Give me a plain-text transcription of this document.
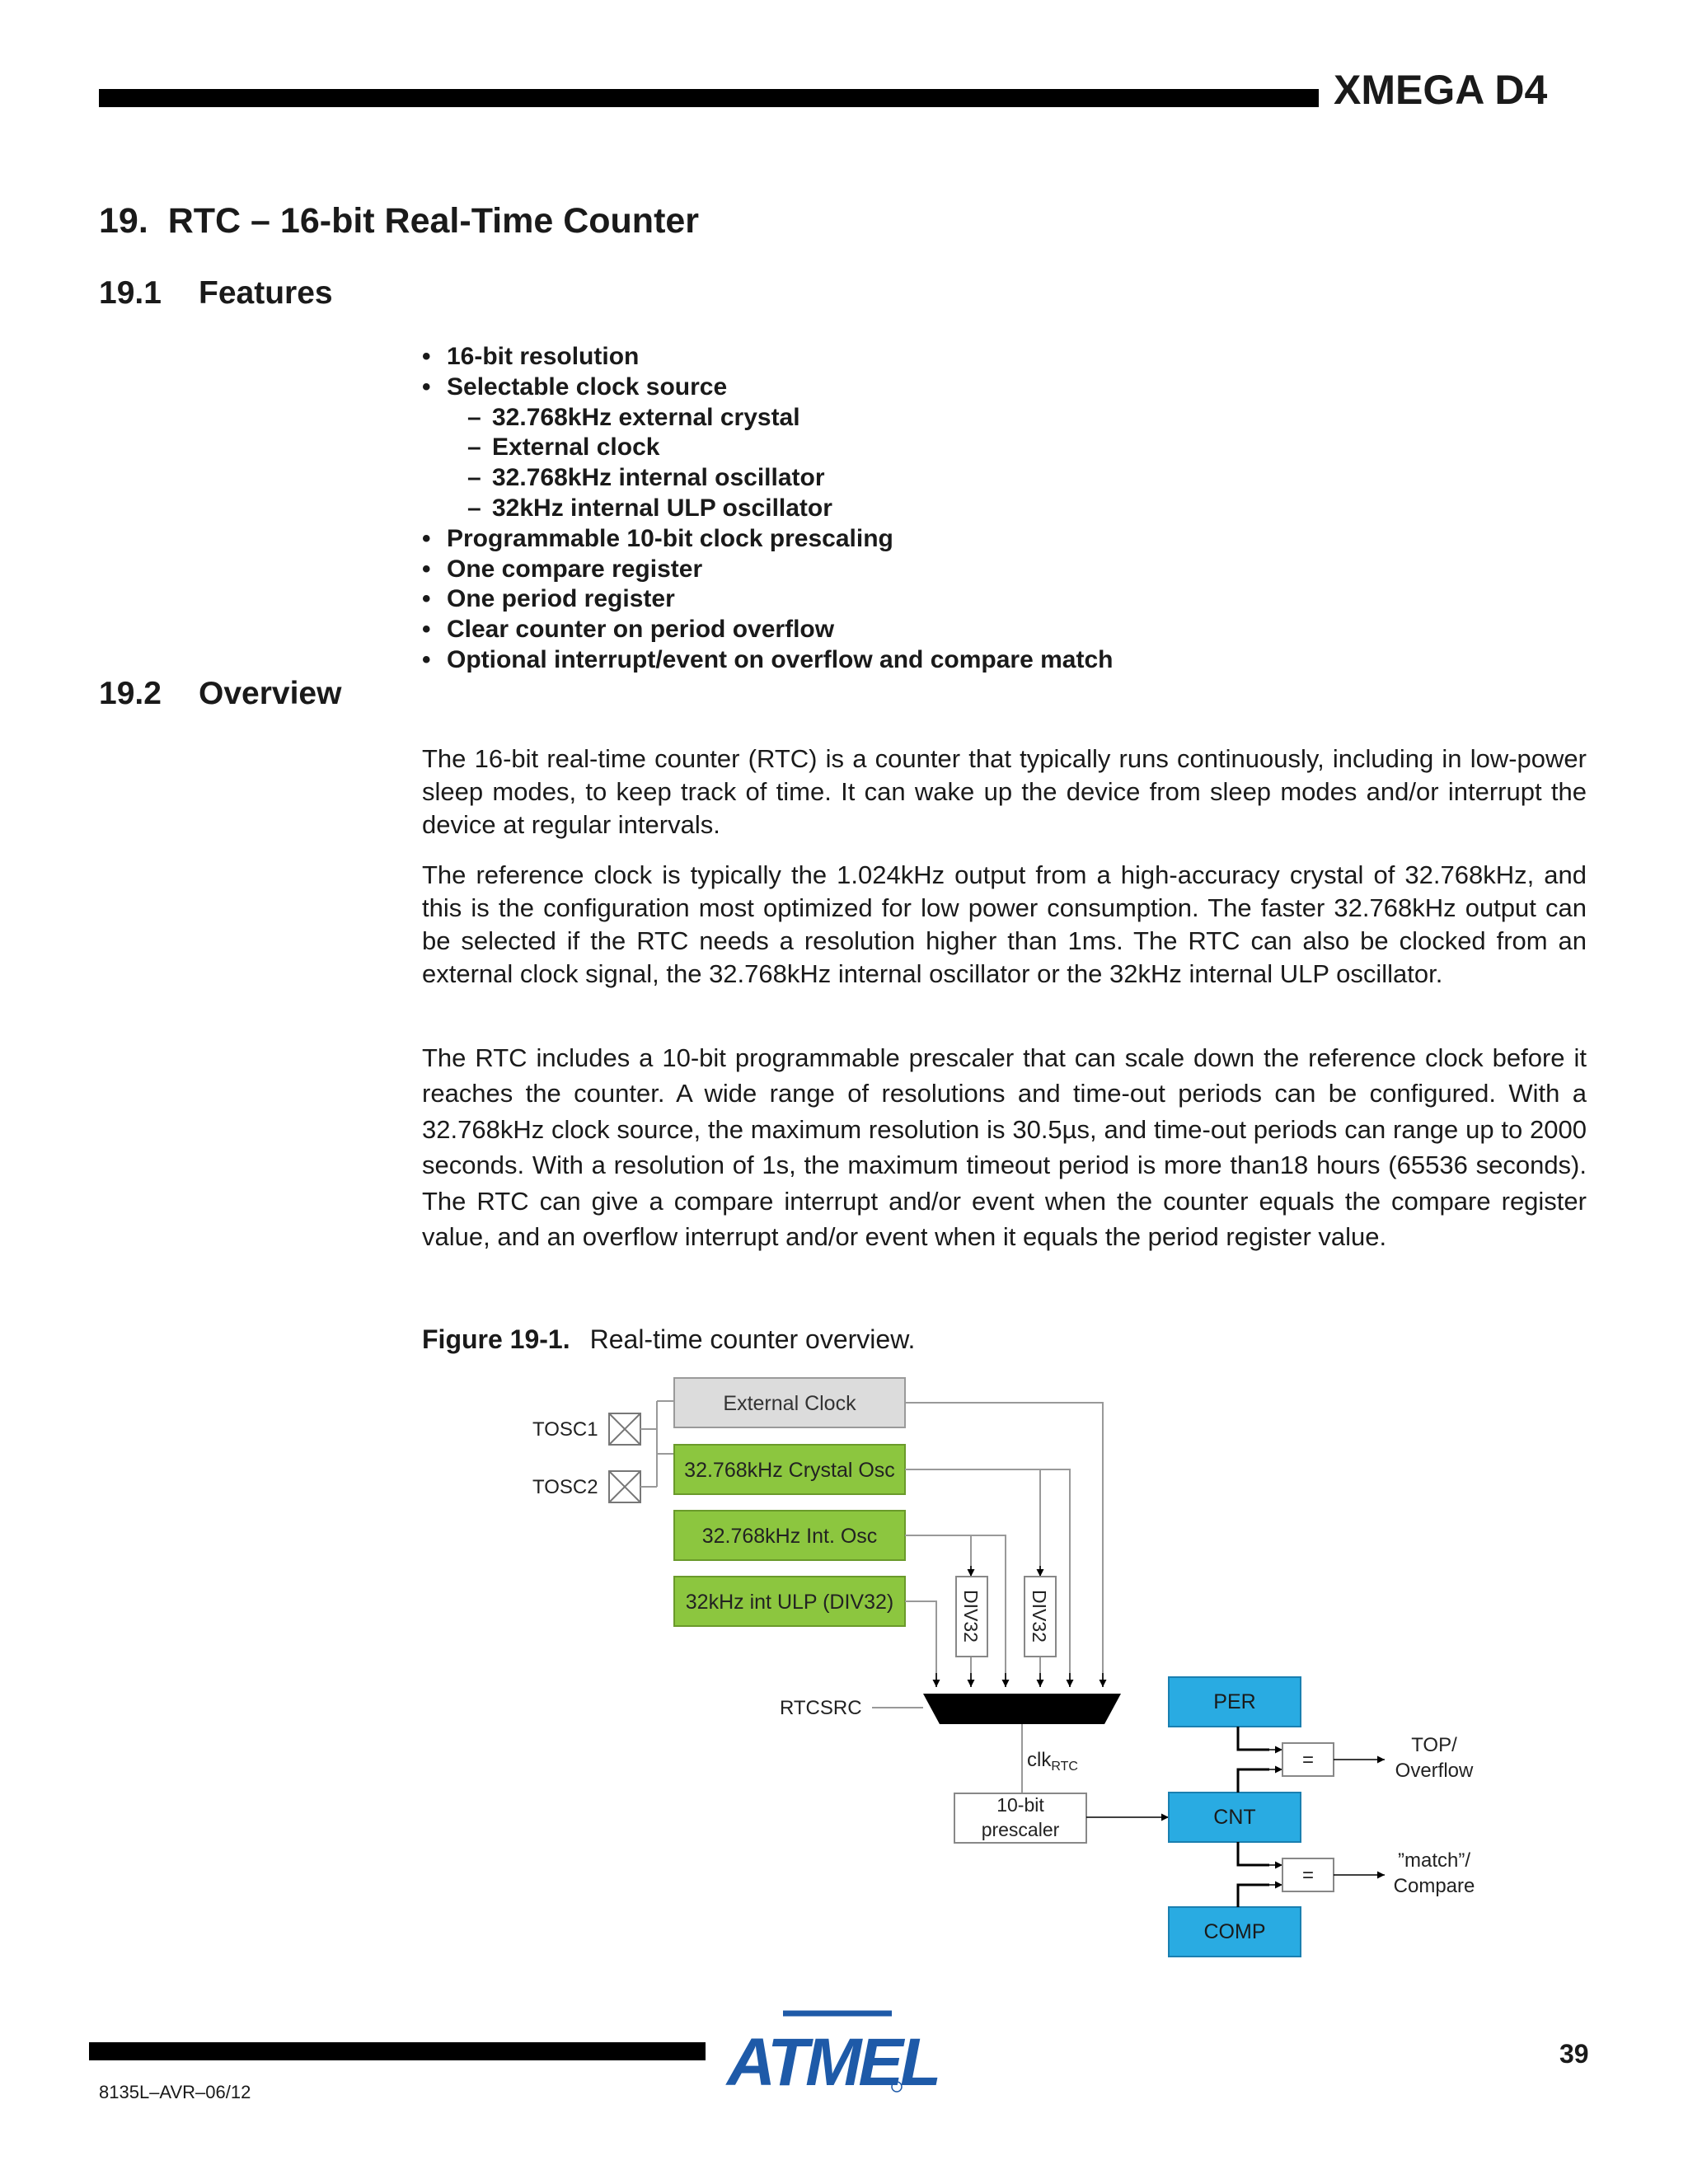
XMEGA D4
19. RTC – 16-bit Real-Time Counter
19.1 Features
• 16-bit resolution
• Selectable clock source
– 32.768kHz external crystal
– External clock
– 32.768kHz internal oscillator
– 32kHz internal ULP oscillator
• Programmable 10-bit clock prescaling
• One compare register
• One period register
• Clear counter on period overflow
• Optional interrupt/event on overflow and compare match
19.2 Overview

The 16-bit real-time counter (RTC) is a counter that typically runs continuously, including in low-power sleep modes, to keep track of time. It can wake up the device from sleep modes and/or interrupt the device at regular intervals.

The reference clock is typically the 1.024kHz output from a high-accuracy crystal of 32.768kHz, and this is the configuration most optimized for low power consumption. The faster 32.768kHz output can be selected if the RTC needs a resolution higher than 1ms. The RTC can also be clocked from an external clock signal, the 32.768kHz internal oscillator or the 32kHz internal ULP oscillator.

The RTC includes a 10-bit programmable prescaler that can scale down the reference clock before it reaches the counter. A wide range of resolutions and time-out periods can be configured. With a 32.768kHz clock source, the maximum resolution is 30.5µs, and time-out periods can range up to 2000 seconds. With a resolution of 1s, the maximum timeout period is more than18 hours (65536 seconds). The RTC can give a compare interrupt and/or event when the counter equals the compare register value, and an overflow interrupt and/or event when it equals the period register value.

Figure 19-1. Real-time counter overview.
TOSC1
TOSC2
External Clock
32.768kHz Crystal Osc
32.768kHz Int. Osc
32kHz int ULP (DIV32)	DIV32 DIV32
RTCSRC
clk$_{RTC}$
10-bit
prescaler
PER
CNT
COMP
=
=
TOP/
Overflow
”match”/
Compare
ATMEL
8135L–AVR–06/12
39
